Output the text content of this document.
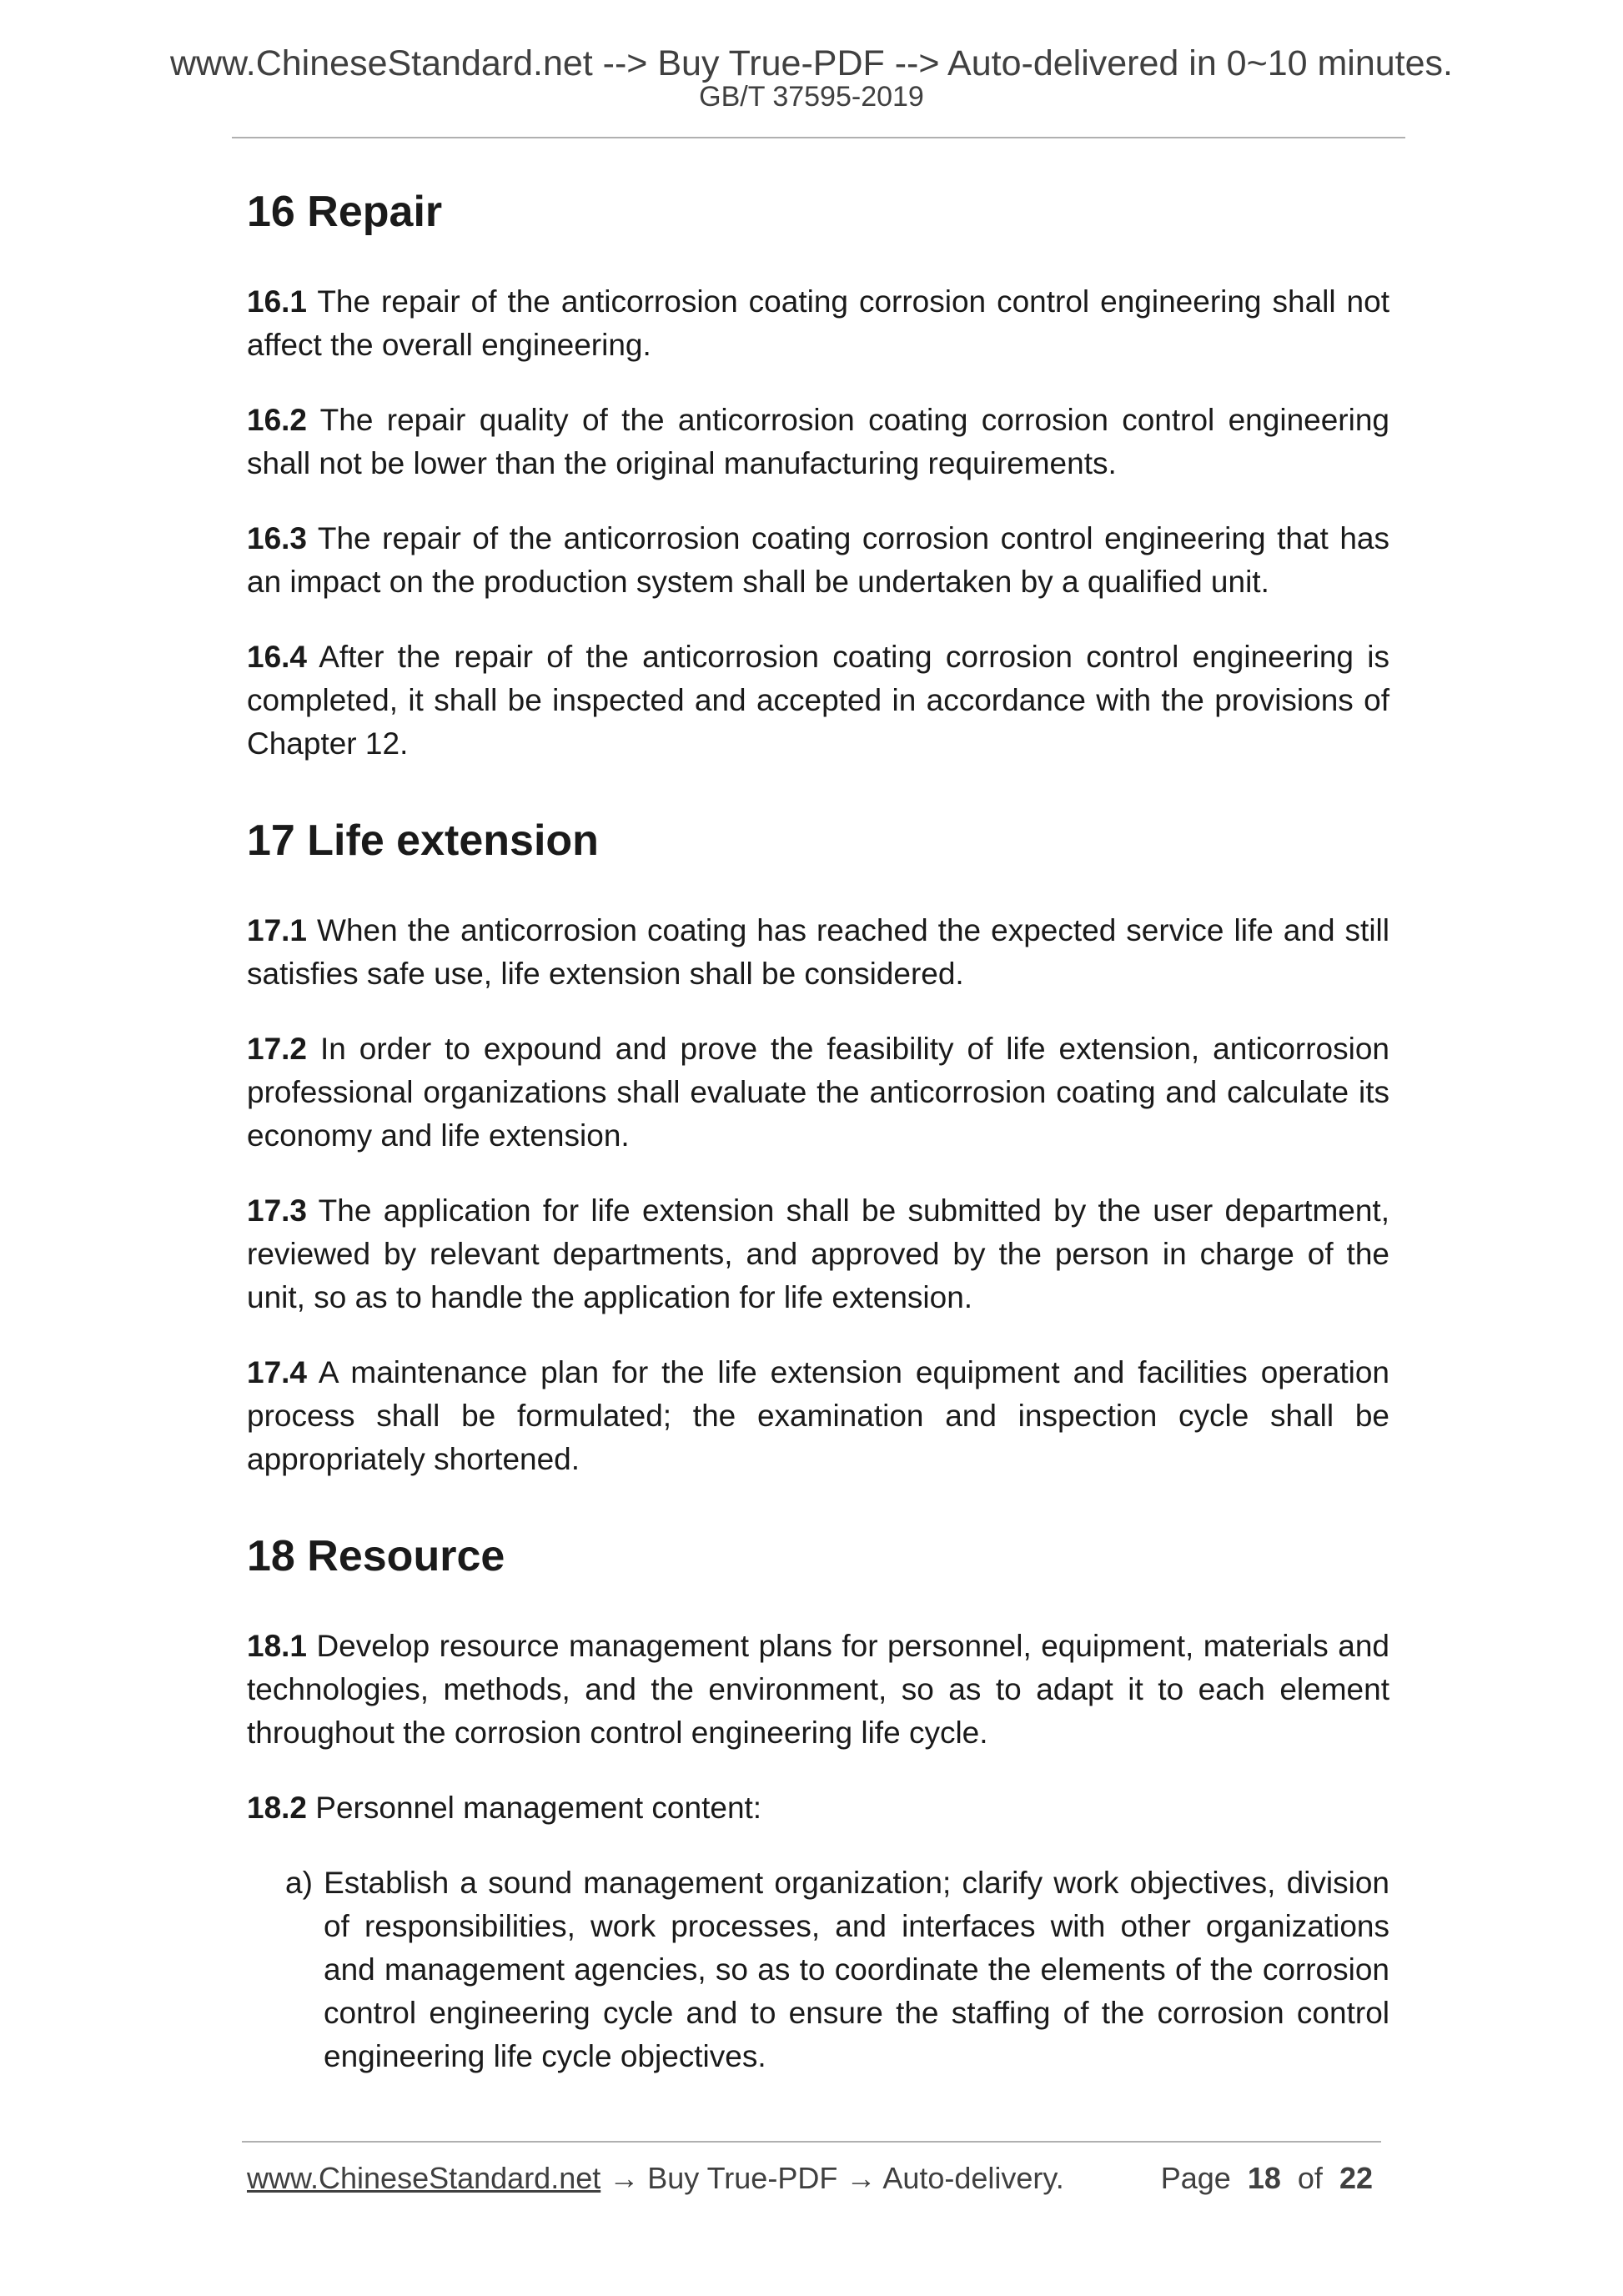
www.ChineseStandard.net --> Buy True-PDF --> Auto-delivered in 0~10 minutes.
GB/T 37595-2019
16 Repair

16.1 The repair of the anticorrosion coating corrosion control engineering shall not affect the overall engineering.

16.2 The repair quality of the anticorrosion coating corrosion control engineering shall not be lower than the original manufacturing requirements.

16.3 The repair of the anticorrosion coating corrosion control engineering that has an impact on the production system shall be undertaken by a qualified unit.

16.4 After the repair of the anticorrosion coating corrosion control engineering is completed, it shall be inspected and accepted in accordance with the provisions of Chapter 12.

17 Life extension

17.1 When the anticorrosion coating has reached the expected service life and still satisfies safe use, life extension shall be considered.

17.2 In order to expound and prove the feasibility of life extension, anticorrosion professional organizations shall evaluate the anticorrosion coating and calculate its economy and life extension.

17.3 The application for life extension shall be submitted by the user department, reviewed by relevant departments, and approved by the person in charge of the unit, so as to handle the application for life extension.

17.4 A maintenance plan for the life extension equipment and facilities operation process shall be formulated; the examination and inspection cycle shall be appropriately shortened.

18 Resource

18.1 Develop resource management plans for personnel, equipment, materials and technologies, methods, and the environment, so as to adapt it to each element throughout the corrosion control engineering life cycle.

18.2 Personnel management content:

a) Establish a sound management organization; clarify work objectives, division of responsibilities, work processes, and interfaces with other organizations and management agencies, so as to coordinate the elements of the corrosion control engineering cycle and to ensure the staffing of the corrosion control engineering life cycle objectives.

www.ChineseStandard.net → Buy True-PDF → Auto-delivery.	Page 18 of 22
